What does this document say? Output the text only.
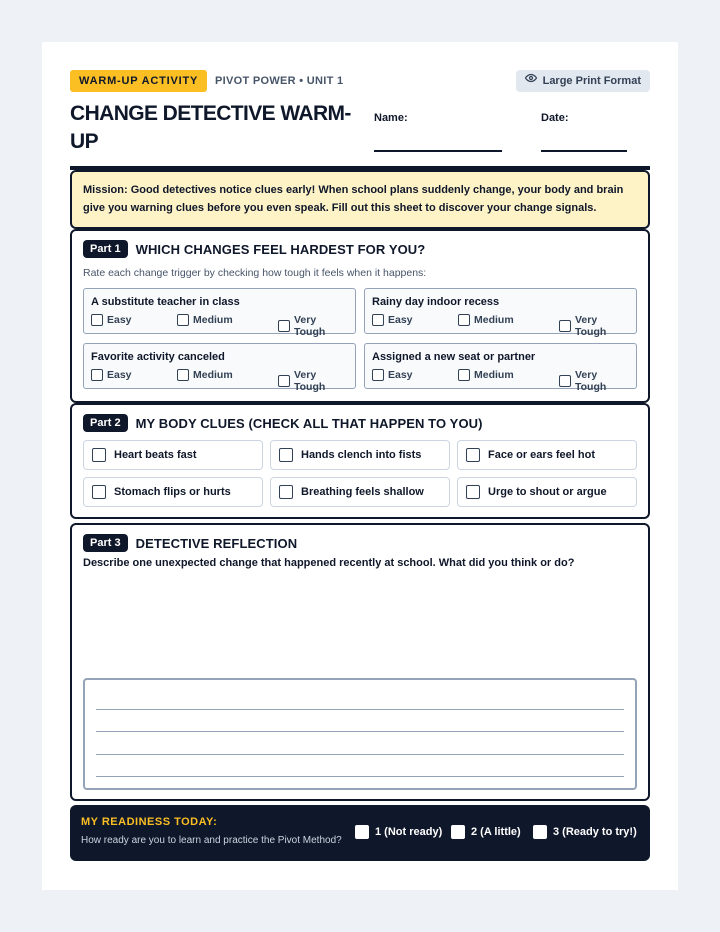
WARM-UP ACTIVITY	PIVOT POWER • UNIT 1	Large Print Format
CHANGE DETECTIVE WARM-UP
Name:	Date:
Mission: Good detectives notice clues early! When school plans suddenly change, your body and brain give you warning clues before you even speak. Fill out this sheet to discover your change signals.
Part 1	WHICH CHANGES FEEL HARDEST FOR YOU?
Rate each change trigger by checking how tough it feels when it happens:
A substitute teacher in class
Easy	Medium	Very Tough
Rainy day indoor recess
Easy	Medium	Very Tough
Favorite activity canceled
Easy	Medium	Very Tough
Assigned a new seat or partner
Easy	Medium	Very Tough
Part 2	MY BODY CLUES (CHECK ALL THAT HAPPEN TO YOU)
Heart beats fast	Hands clench into fists	Face or ears feel hot
Stomach flips or hurts	Breathing feels shallow	Urge to shout or argue
Part 3	DETECTIVE REFLECTION
Describe one unexpected change that happened recently at school. What did you think or do?
MY READINESS TODAY:
How ready are you to learn and practice the Pivot Method?
1 (Not ready)	2 (A little)	3 (Ready to try!)
